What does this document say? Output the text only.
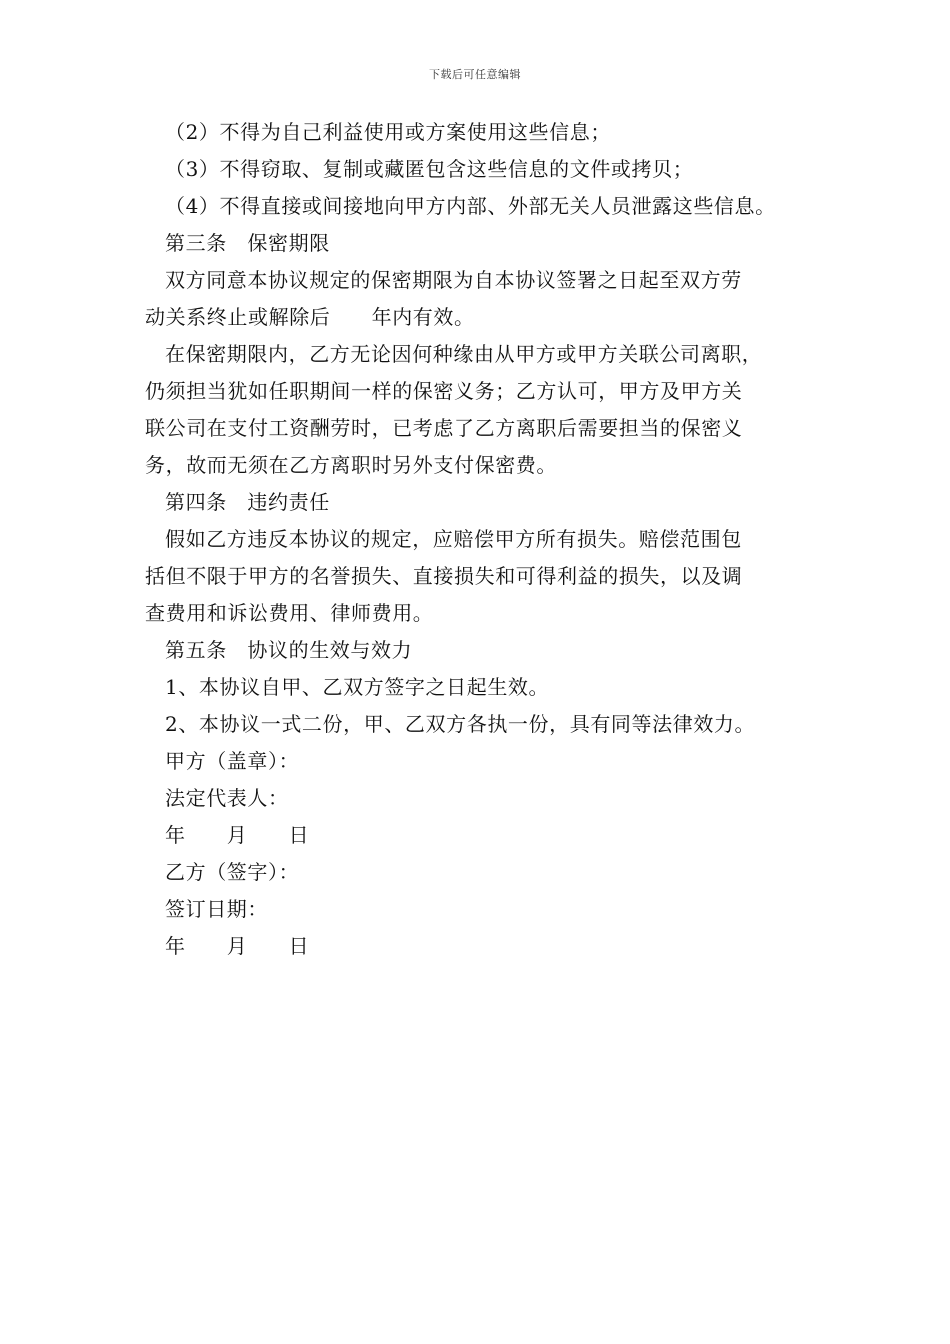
下载后可任意编辑
（2）不得为自己利益使用或方案使用这些信息；
（3）不得窃取、复制或藏匿包含这些信息的文件或拷贝；
（4）不得直接或间接地向甲方内部、外部无关人员泄露这些信息。
第三条　保密期限
双方同意本协议规定的保密期限为自本协议签署之日起至双方劳
动关系终止或解除后　　年内有效。
在保密期限内，乙方无论因何种缘由从甲方或甲方关联公司离职，
仍须担当犹如任职期间一样的保密义务；乙方认可，甲方及甲方关
联公司在支付工资酬劳时，已考虑了乙方离职后需要担当的保密义
务，故而无须在乙方离职时另外支付保密费。
第四条　违约责任
假如乙方违反本协议的规定，应赔偿甲方所有损失。赔偿范围包
括但不限于甲方的名誉损失、直接损失和可得利益的损失，以及调
查费用和诉讼费用、律师费用。
第五条　协议的生效与效力
1、本协议自甲、乙双方签字之日起生效。
2、本协议一式二份，甲、乙双方各执一份，具有同等法律效力。
甲方（盖章）：
法定代表人：
年　　月　　日
乙方（签字）：
签订日期：
年　　月　　日
